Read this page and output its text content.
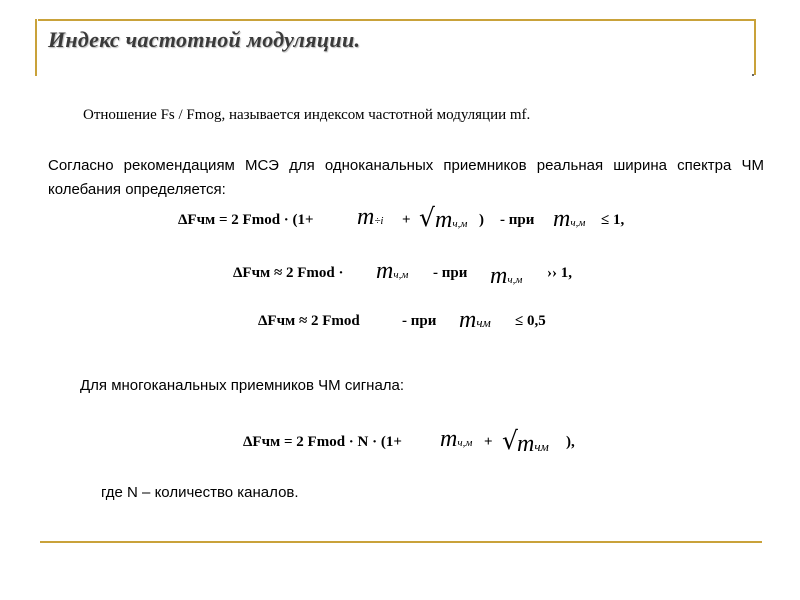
Индекс частотной модуляции.
Отношение Fs / Fmog, называется индексом частотной модуляции mf.
Согласно рекомендациям МСЭ для одноканальных приемников реальная ширина спектра ЧМ колебания определяется:
ΔFчм = 2 Fmod · (1+ m÷i + √ mч,м ) - при mч,м ≤ 1,
ΔFчм ≈ 2 Fmod · mч,м - при mч,м ›› 1,
ΔFчм ≈ 2 Fmod	- при mчм ≤ 0,5
Для многоканальных приемников ЧМ сигнала:
ΔFчм = 2 Fmod · N · (1+ mч,м + √ mчм ),
где N – количество каналов.
